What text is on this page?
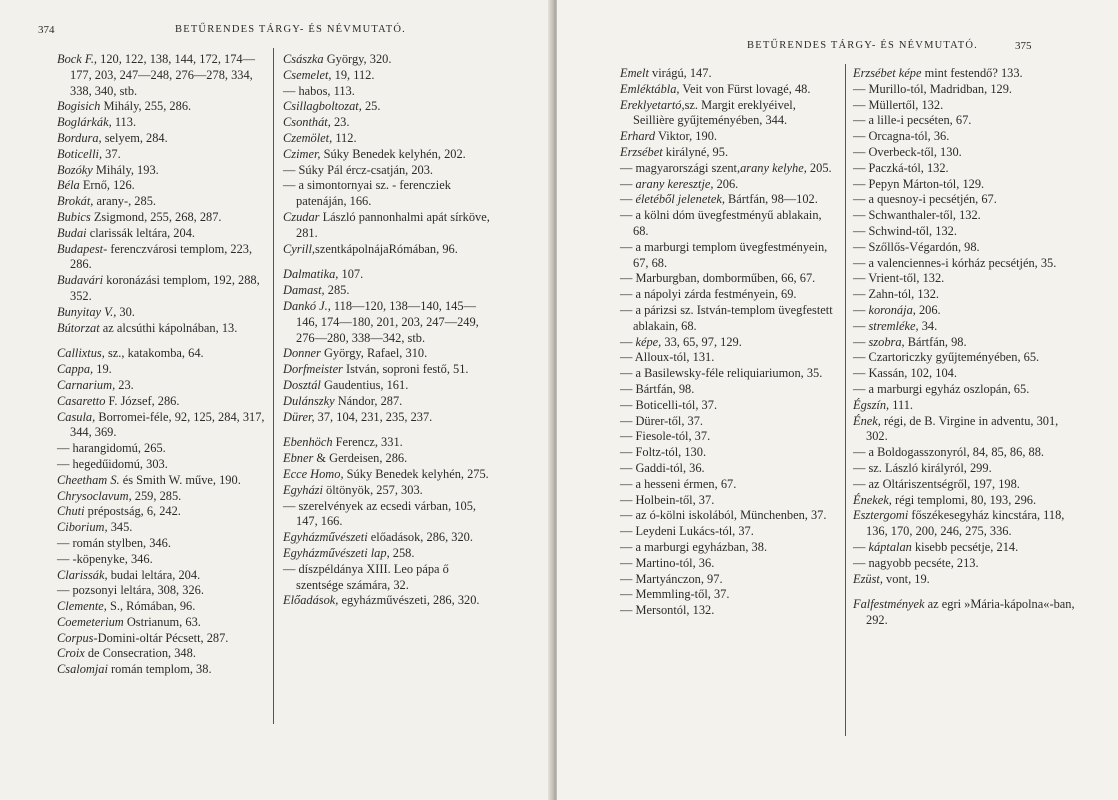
374	BETŰRENDES TÁRGY- ÉS NÉVMUTATÓ.

Bock F., 120, 122, 138, 144, 172, 174—177, 203, 247—248, 276—278, 334, 338, 340, stb.

Bogisich Mihály, 255, 286.

Boglárkák, 113.

Bordura, selyem, 284.

Boticelli, 37.

Bozóky Mihály, 193.

Béla Ernő, 126.

Brokát, arany-, 285.

Bubics Zsigmond, 255, 268, 287.

Budai clarissák leltára, 204.

Budapest- ferenczvárosi templom, 223, 286.

Budavári koronázási templom, 192, 288, 352.

Bunyitay V., 30.

Bútorzat az alcsúthi kápolnában, 13.

Callixtus, sz., katakomba, 64.

Cappa, 19.

Carnarium, 23.

Casaretto F. József, 286.

Casula, Borromei-féle, 92, 125, 284, 317, 344, 369.

— harangidomú, 265.

— hegedűidomú, 303.

Cheetham S. és Smith W. műve, 190.

Chrysoclavum, 259, 285.

Chuti prépostság, 6, 242.

Ciborium, 345.

— román stylben, 346.

— -köpenyke, 346.

Clarissák, budai leltára, 204.

— pozsonyi leltára, 308, 326.

Clemente, S., Rómában, 96.

Coemeterium Ostrianum, 63.

Corpus-Domini-oltár Pécsett, 287.

Croix de Consecration, 348.

Csalomjai román templom, 38.

Császka György, 320.

Csemelet, 19, 112.

— habos, 113.

Csillagboltozat, 25.

Csonthát, 23.

Czemölet, 112.

Czimer, Súky Benedek kelyhén, 202.

— Súky Pál ércz-csatján, 203.

— a simontornyai sz. - ferencziek patenáján, 166.

Czudar László pannonhalmi apát sírköve, 281.

Cyrill,szentkápolnájaRómában, 96.

Dalmatika, 107.

Damast, 285.

Dankó J., 118—120, 138—140, 145—146, 174—180, 201, 203, 247—249, 276—280, 338—342, stb.

Donner György, Rafael, 310.

Dorfmeister István, soproni festő, 51.

Dosztál Gaudentius, 161.

Dulánszky Nándor, 287.

Dürer, 37, 104, 231, 235, 237.

Ebenhöch Ferencz, 331.

Ebner & Gerdeisen, 286.

Ecce Homo, Súky Benedek kelyhén, 275.

Egyházi öltönyök, 257, 303.

— szerelvények az ecsedi várban, 105, 147, 166.

Egyházművészeti előadások, 286, 320.

Egyházművészeti lap, 258.

— díszpéldánya XIII. Leo pápa ő szentsége számára, 32.

Előadások, egyházművészeti, 286, 320.

BETŰRENDES TÁRGY- ÉS NÉVMUTATÓ.	375

Emelt virágú, 147.

Emléktábla, Veit von Fürst lovagé, 48.

Ereklyetartó,sz. Margit ereklyéivel, Seillière gyűjteményében, 344.

Erhard Viktor, 190.

Erzsébet királyné, 95.

— magyarországi szent,arany kelyhe, 205.

— arany keresztje, 206.

— életéből jelenetek, Bártfán, 98—102.

— a kölni dóm üvegfestményű ablakain, 68.

— a marburgi templom üvegfestményein, 67, 68.

— Marburgban, domborműben, 66, 67.

— a nápolyi zárda festményein, 69.

— a párizsi sz. István-templom üvegfestett ablakain, 68.

— képe, 33, 65, 97, 129.

— Alloux-tól, 131.

— a Basilewsky-féle reliquiariumon, 35.

— Bártfán, 98.

— Boticelli-tól, 37.

— Dürer-től, 37.

— Fiesole-tól, 37.

— Foltz-tól, 130.

— Gaddi-tól, 36.

— a hesseni érmen, 67.

— Holbein-től, 37.

— az ó-kölni iskolából, Münchenben, 37.

— Leydeni Lukács-tól, 37.

— a marburgi egyházban, 38.

— Martino-tól, 36.

— Martyánczon, 97.

— Memmling-től, 37.

— Mersontól, 132.

Erzsébet képe mint festendő? 133.

— Murillo-tól, Madridban, 129.

— Müllertől, 132.

— a lille-i pecséten, 67.

— Orcagna-tól, 36.

— Overbeck-től, 130.

— Paczká-tól, 132.

— Pepyn Márton-tól, 129.

— a quesnoy-i pecsétjén, 67.

— Schwanthaler-től, 132.

— Schwind-től, 132.

— Szőllős-Végardón, 98.

— a valenciennes-i kórház pecsétjén, 35.

— Vrient-től, 132.

— Zahn-tól, 132.

— koronája, 206.

— stremléke, 34.

— szobra, Bártfán, 98.

— Czartoriczky gyűjteményében, 65.

— Kassán, 102, 104.

— a marburgi egyház oszlopán, 65.

Égszín, 111.

Ének, régi, de B. Virgine in adventu, 301, 302.

— a Boldogasszonyról, 84, 85, 86, 88.

— sz. László királyról, 299.

— az Oltáriszentségről, 197, 198.

Énekek, régi templomi, 80, 193, 296.

Esztergomi főszékesegyház kincstára, 118, 136, 170, 200, 246, 275, 336.

— káptalan kisebb pecsétje, 214.

— nagyobb pecséte, 213.

Ezüst, vont, 19.

Falfestmények az egri »Mária-kápolna«-ban, 292.
